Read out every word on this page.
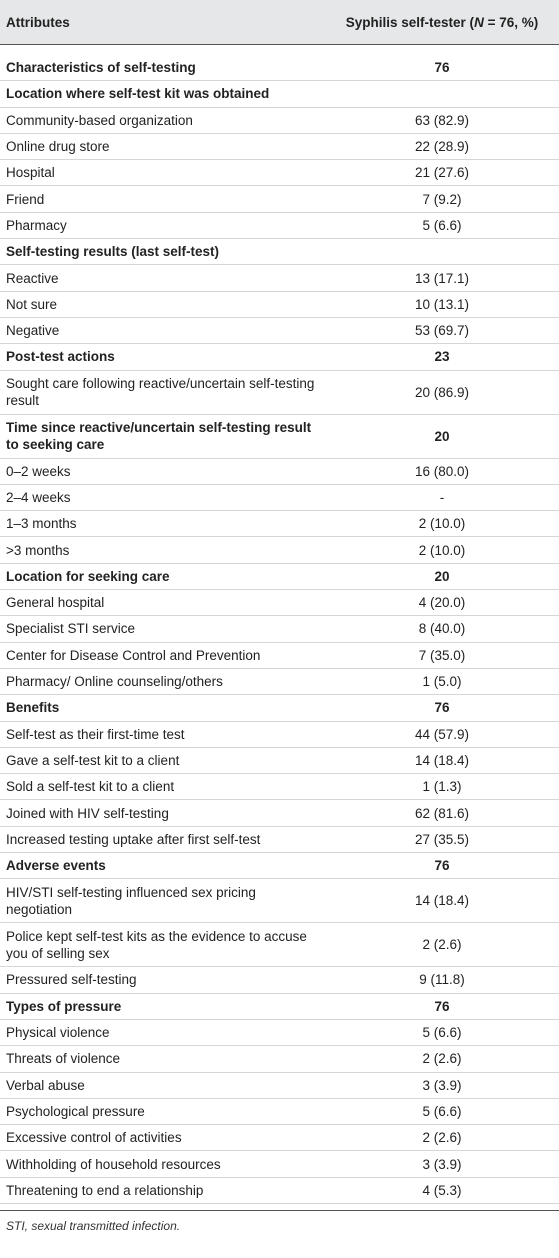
Attributes	Syphilis self-tester (N = 76, %)

Characteristics of self-testing	76
Location where self-test kit was obtained	
Community-based organization	63 (82.9)
Online drug store	22 (28.9)
Hospital	21 (27.6)
Friend	7 (9.2)
Pharmacy	5 (6.6)
Self-testing results (last self-test)	
Reactive	13 (17.1)
Not sure	10 (13.1)
Negative	53 (69.7)
Post-test actions	23
Sought care following reactive/uncertain self-testing result	20 (86.9)
Time since reactive/uncertain self-testing result to seeking care	20
0–2 weeks	16 (80.0)
2–4 weeks	-
1–3 months	2 (10.0)
>3 months	2 (10.0)
Location for seeking care	20
General hospital	4 (20.0)
Specialist STI service	8 (40.0)
Center for Disease Control and Prevention	7 (35.0)
Pharmacy/ Online counseling/others	1 (5.0)
Benefits	76
Self-test as their first-time test	44 (57.9)
Gave a self-test kit to a client	14 (18.4)
Sold a self-test kit to a client	1 (1.3)
Joined with HIV self-testing	62 (81.6)
Increased testing uptake after first self-test	27 (35.5)
Adverse events	76
HIV/STI self-testing influenced sex pricing negotiation	14 (18.4)
Police kept self-test kits as the evidence to accuse you of selling sex	2 (2.6)
Pressured self-testing	9 (11.8)
Types of pressure	76
Physical violence	5 (6.6)
Threats of violence	2 (2.6)
Verbal abuse	3 (3.9)
Psychological pressure	5 (6.6)
Excessive control of activities	2 (2.6)
Withholding of household resources	3 (3.9)
Threatening to end a relationship	4 (5.3)
STI, sexual transmitted infection.
